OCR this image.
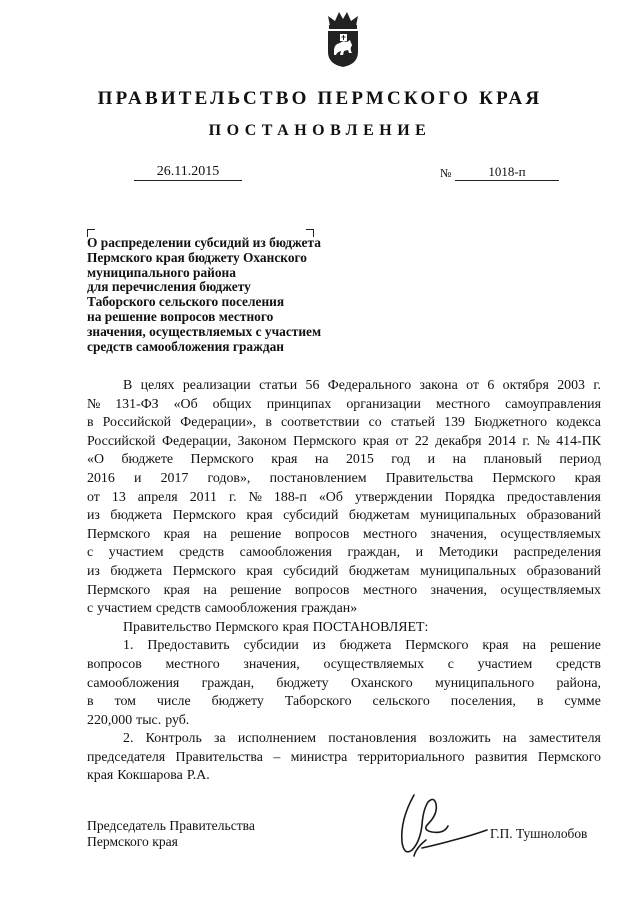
ПРАВИТЕЛЬСТВО ПЕРМСКОГО КРАЯ
ПОСТАНОВЛЕНИЕ
26.11.2015	№	1018-п
О распределении субсидий из бюджета
Пермского края бюджету Оханского
муниципального района
для перечисления бюджету
Таборского сельского поселения
на решение вопросов местного
значения, осуществляемых с участием
средств самообложения граждан
В целях реализации статьи 56 Федерального закона от 6 октября 2003 г.
№ 131-ФЗ «Об общих принципах организации местного самоуправления
в Российской Федерации», в соответствии со статьей 139 Бюджетного кодекса
Российской Федерации, Законом Пермского края от 22 декабря 2014 г. № 414-ПК
«О бюджете Пермского края на 2015 год и на плановый период
2016 и 2017 годов», постановлением Правительства Пермского края
от 13 апреля 2011 г. № 188-п «Об утверждении Порядка предоставления
из бюджета Пермского края субсидий бюджетам муниципальных образований
Пермского края на решение вопросов местного значения, осуществляемых
с участием средств самообложения граждан, и Методики распределения
из бюджета Пермского края субсидий бюджетам муниципальных образований
Пермского края на решение вопросов местного значения, осуществляемых
с участием средств самообложения граждан»
Правительство Пермского края ПОСТАНОВЛЯЕТ:
1. Предоставить субсидии из бюджета Пермского края на решение
вопросов местного значения, осуществляемых с участием средств
самообложения граждан, бюджету Оханского муниципального района,
в том числе бюджету Таборского сельского поселения, в сумме
220,000 тыс. руб.
2. Контроль за исполнением постановления возложить на заместителя
председателя Правительства – министра территориального развития Пермского
края Кокшарова Р.А.
Председатель Правительства
Пермского края	Г.П. Тушнолобов
